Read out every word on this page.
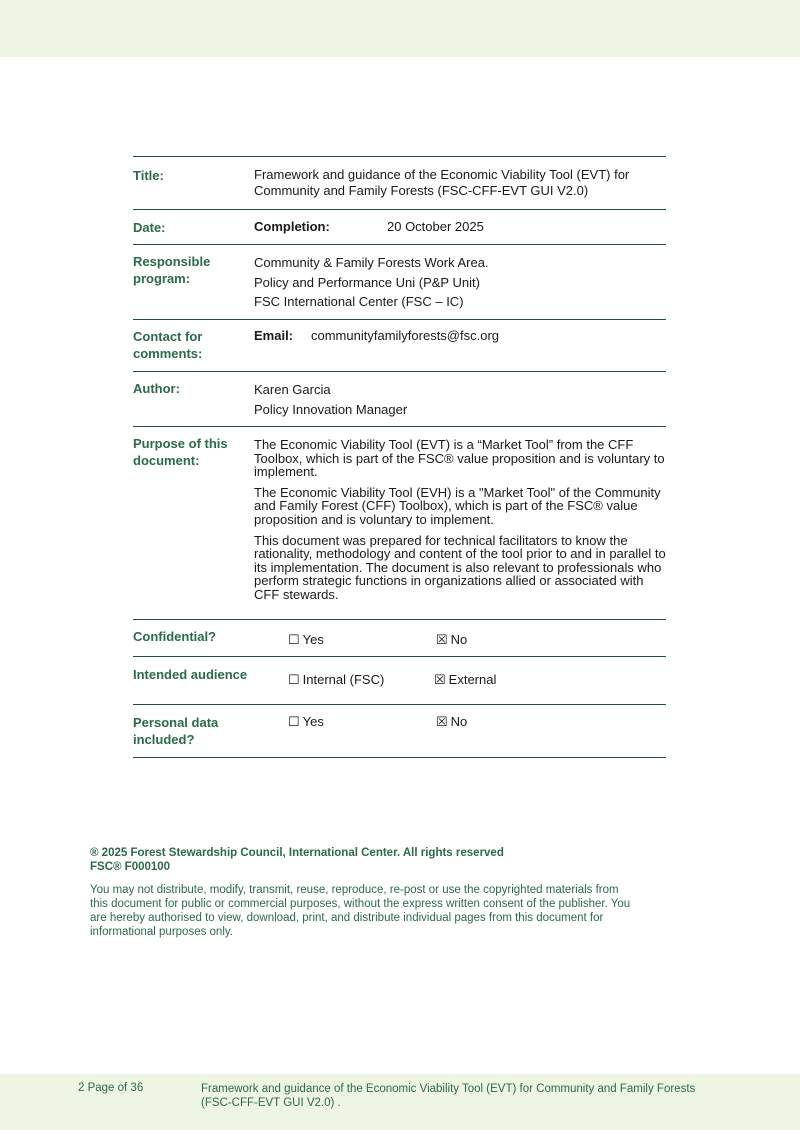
Title:	Framework and guidance of the Economic Viability Tool (EVT) for Community and Family Forests (FSC-CFF-EVT GUI V2.0)
Date:	Completion:	20 October 2025
Responsible program:

Community & Family Forests Work Area.

Policy and Performance Uni (P&P Unit)

FSC International Center (FSC – IC)

Contact for comments:
Email: communityfamilyforests@fsc.org
Author:	Karen Garcia

Policy Innovation Manager

Purpose of this document:

The Economic Viability Tool (EVT) is a “Market Tool” from the CFF Toolbox, which is part of the FSC® value proposition and is voluntary to implement.

The Economic Viability Tool (EVH) is a "Market Tool" of the Community and Family Forest (CFF) Toolbox), which is part of the FSC® value proposition and is voluntary to implement.

This document was prepared for technical facilitators to know the rationality, methodology and content of the tool prior to and in parallel to its implementation. The document is also relevant to professionals who perform strategic functions in organizations allied or associated with CFF stewards.

Confidential?	☐ Yes	☒ No
Intended audience	☐ Internal (FSC)	☒ External
Personal data included?
☐ Yes	☒ No

® 2025 Forest Stewardship Council, International Center. All rights reserved

FSC® F000100

You may not distribute, modify, transmit, reuse, reproduce, re-post or use the copyrighted materials from this document for public or commercial purposes, without the express written consent of the publisher. You are hereby authorised to view, download, print, and distribute individual pages from this document for informational purposes only.

2 Page of 36	Framework and guidance of the Economic Viability Tool (EVT) for Community and Family Forests (FSC-CFF-EVT GUI V2.0) .
